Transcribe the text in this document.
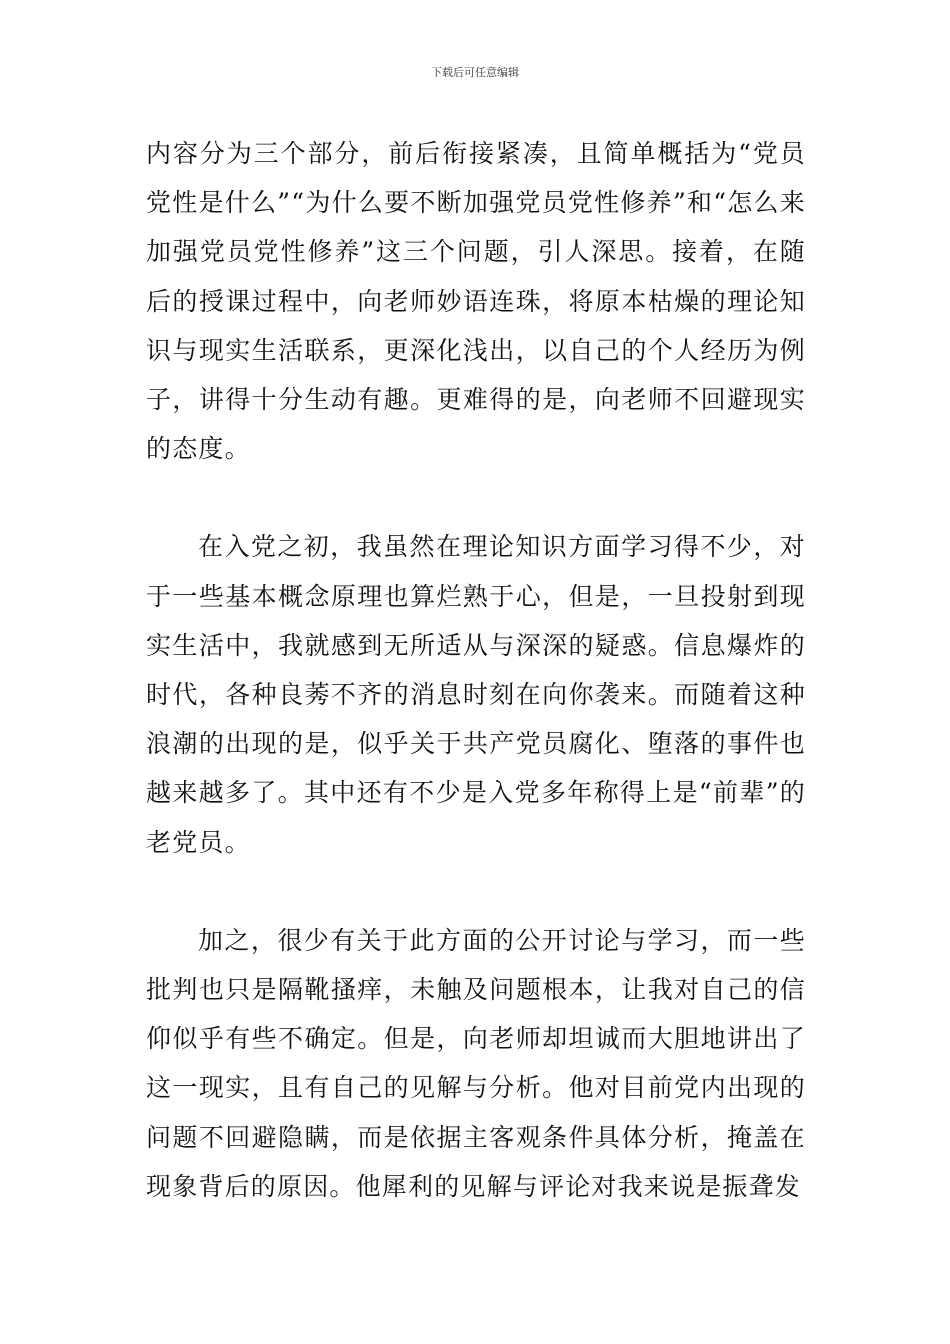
下载后可任意编辑

内容分为三个部分，前后衔接紧凑，且简单概括为“党员党性是什么”“为什么要不断加强党员党性修养”和“怎么来加强党员党性修养”这三个问题，引人深思。接着，在随后的授课过程中，向老师妙语连珠，将原本枯燥的理论知识与现实生活联系，更深化浅出，以自己的个人经历为例子，讲得十分生动有趣。更难得的是，向老师不回避现实的态度。

在入党之初，我虽然在理论知识方面学习得不少，对于一些基本概念原理也算烂熟于心，但是，一旦投射到现实生活中，我就感到无所适从与深深的疑惑。信息爆炸的时代，各种良莠不齐的消息时刻在向你袭来。而随着这种浪潮的出现的是，似乎关于共产党员腐化、堕落的事件也越来越多了。其中还有不少是入党多年称得上是“前辈”的老党员。

加之，很少有关于此方面的公开讨论与学习，而一些批判也只是隔靴搔痒，未触及问题根本，让我对自己的信仰似乎有些不确定。但是，向老师却坦诚而大胆地讲出了这一现实，且有自己的见解与分析。他对目前党内出现的问题不回避隐瞒，而是依据主客观条件具体分析，掩盖在现象背后的原因。他犀利的见解与评论对我来说是振聋发
